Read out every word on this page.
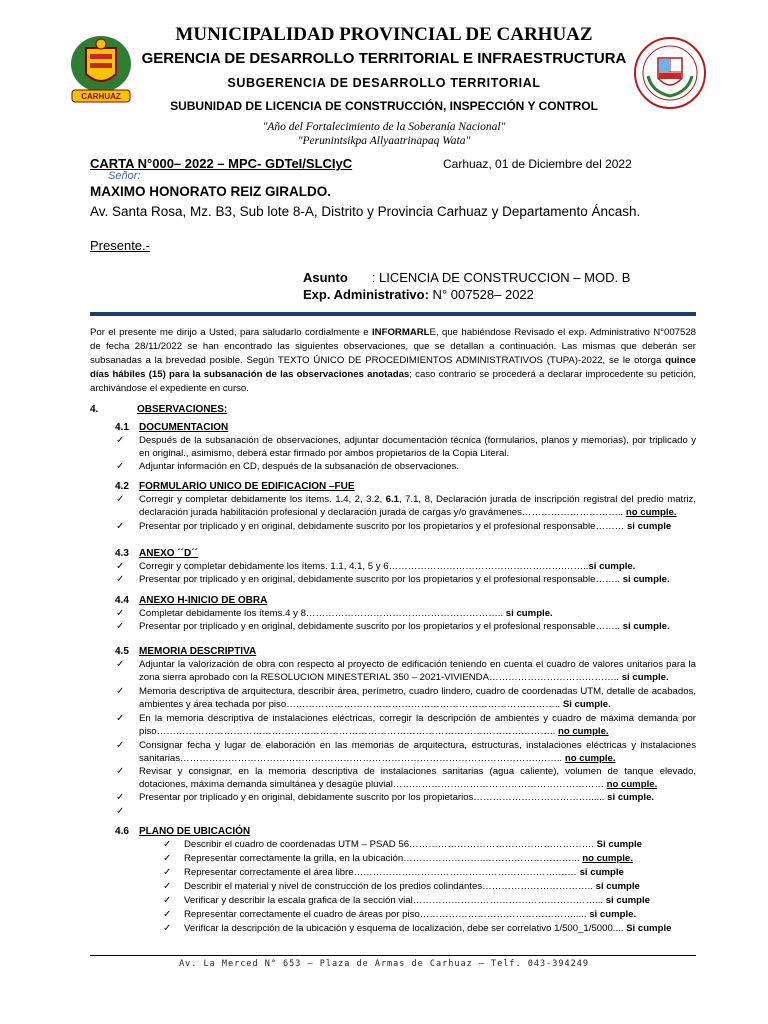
CARHUAZ
MUNICIPALIDAD PROVINCIAL DE CARHUAZ
GERENCIA DE DESARROLLO TERRITORIAL E INFRAESTRUCTURA
SUBGERENCIA DE DESARROLLO TERRITORIAL
SUBUNIDAD DE LICENCIA DE CONSTRUCCIÓN, INSPECCIÓN Y CONTROL
"Año del Fortalecimiento de la Soberanía Nacional"
"Perunintsikpa Allyaatrinapaq Wata"
CARTA N°000– 2022 – MPC- GDTeI/SLCIyC	Carhuaz, 01 de Diciembre del 2022
Señor:
MAXIMO HONORATO REIZ GIRALDO.
Av. Santa Rosa, Mz. B3, Sub lote 8-A, Distrito y Provincia Carhuaz y Departamento Áncash.
Presente.-
Asunto : LICENCIA DE CONSTRUCCION – MOD. B
Exp. Administrativo: N° 007528– 2022
Por el presente me dirijo a Usted, para saludarlo cordialmente e INFORMARLE, que habiéndose Revisado el exp. Administrativo N°007528 de fecha 28/11/2022 se han encontrado las siguientes observaciones, que se detallan a continuación. Las mismas que deberán ser subsanadas a la brevedad posible. Según TEXTO ÚNICO DE PROCEDIMIENTOS ADMINISTRATIVOS (TUPA)-2022, se le otorga quince días hábiles (15) para la subsanación de las observaciones anotadas; caso contrario se procederá a declarar improcedente su petición, archivándose el expediente en curso.
4.	OBSERVACIONES:
4.1 DOCUMENTACION
✓ Después de la subsanación de observaciones, adjuntar documentación técnica (formularios, planos y memorias), por triplicado y en original., asimismo, deberá estar firmado por ambos propietarios de la Copia Literal.
✓ Adjuntar información en CD, después de la subsanación de observaciones.
4.2 FORMULARIO UNICO DE EDIFICACION –FUE
✓ Corregir y completar debidamente los ítems. 1.4, 2, 3.2, 6.1, 7.1, 8, Declaración jurada de inscripción registral del predio matriz, declaración jurada habilitación profesional y declaración jurada de cargas y/o gravámenes………………………….. no cumple.
✓ Presentar por triplicado y en original, debidamente suscrito por los propietarios y el profesional responsable……… si cumple
4.3 ANEXO ´´D´´
✓ Corregir y completar debidamente los ítems. 1.1, 4.1, 5 y 6……………………………………………….……..si cumple.
✓ Presentar por triplicado y en original, debidamente suscrito por los propietarios y el profesional responsable…….. si cumple.
4.4 ANEXO H-INICIO DE OBRA
✓ Completar debidamente los ítems.4 y 8…………………………………………………….. si cumple.
✓ Presentar por triplicado y en original, debidamente suscrito por los propietarios y el profesional responsable…….. si cumple.
4.5 MEMORIA DESCRIPTIVA
✓ Adjuntar la valorización de obra con respecto al proyecto de edificación teniendo en cuenta el cuadro de valores unitarios para la zona sierra aprobado con la RESOLUCION MINESTERIAL 350 – 2021-VIVIENDA………………………………….. si cumple.
✓ Memoria descriptiva de arquitectura, describir área, perímetro, cuadro lindero, cuadro de coordenadas UTM, detalle de acabados, ambientes y área techada por piso………………………………………………………………………….. Si cumple.
✓ En la memoria descriptiva de instalaciones eléctricas, corregir la descripción de ambientes y cuadro de máxima demanda por piso…………………………………………………………………………………………………………….. no cumple.
✓ Consignar fecha y lugar de elaboración en las memorias de arquitectura, estructuras, instalaciones eléctricas y instalaciones sanitarias………………………………………………………………………………………………….…….. no cumple.
✓ Revisar y consignar, en la memoria descriptiva de instalaciones sanitarias (agua caliente), volumen de tanque elevado, dotaciones, máxima demanda simultánea y desagüe pluvial………………………………………………………… no cumple.
✓ Presentar por triplicado y en original, debidamente suscrito por los propietarios………………………………...... si cumple.
✓
4.6 PLANO DE UBICACIÓN
✓ Describir el cuadro de coordenadas UTM – PSAD 56…………………………………………………. Si cumple
✓ Representar correctamente la grilla, en la ubicación……………………..………………………... no cumple.
✓ Representar correctamente el área libre………………………………………………………….… si cumple
✓ Describir el material y nivel de construcción de los predios colindantes…………………………….. si cumple
✓ Verificar y describir la escala grafica de la sección vial…………………………………………………... si cumple
✓ Representar correctamente el cuadro de áreas por piso…………………………………………..... si cumple.
✓ Verificar la descripción de la ubicación y esquema de localización, debe ser correlativo 1/500_1/5000.... Si cumple
Av. La Merced N° 653 – Plaza de Armas de Carhuaz – Telf. 043-394249
